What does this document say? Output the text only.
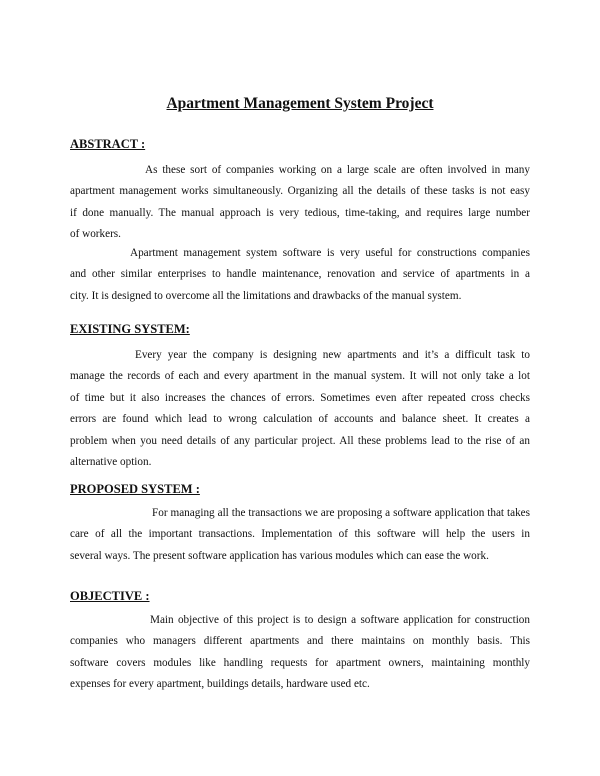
Apartment Management System Project
ABSTRACT :
As these sort of companies working on a large scale are often involved in many
apartment management works simultaneously. Organizing all the details of these tasks is not easy
if done manually. The manual approach is very tedious, time-taking, and requires large number
of workers.
Apartment management system software is very useful for constructions companies
and other similar enterprises to handle maintenance, renovation and service of apartments in a
city. It is designed to overcome all the limitations and drawbacks of the manual system.
EXISTING SYSTEM:
Every year the company is designing new apartments and it’s a difficult task to
manage the records of each and every apartment in the manual system. It will not only take a lot
of time but it also increases the chances of errors. Sometimes even after repeated cross checks
errors are found which lead to wrong calculation of accounts and balance sheet. It creates a
problem when you need details of any particular project. All these problems lead to the rise of an
alternative option.
PROPOSED SYSTEM :
For managing all the transactions we are proposing a software application that takes
care of all the important transactions. Implementation of this software will help the users in
several ways. The present software application has various modules which can ease the work.
OBJECTIVE :
Main objective of this project is to design a software application for construction
companies who managers different apartments and there maintains on monthly basis. This
software covers modules like handling requests for apartment owners, maintaining monthly
expenses for every apartment, buildings details, hardware used etc.
